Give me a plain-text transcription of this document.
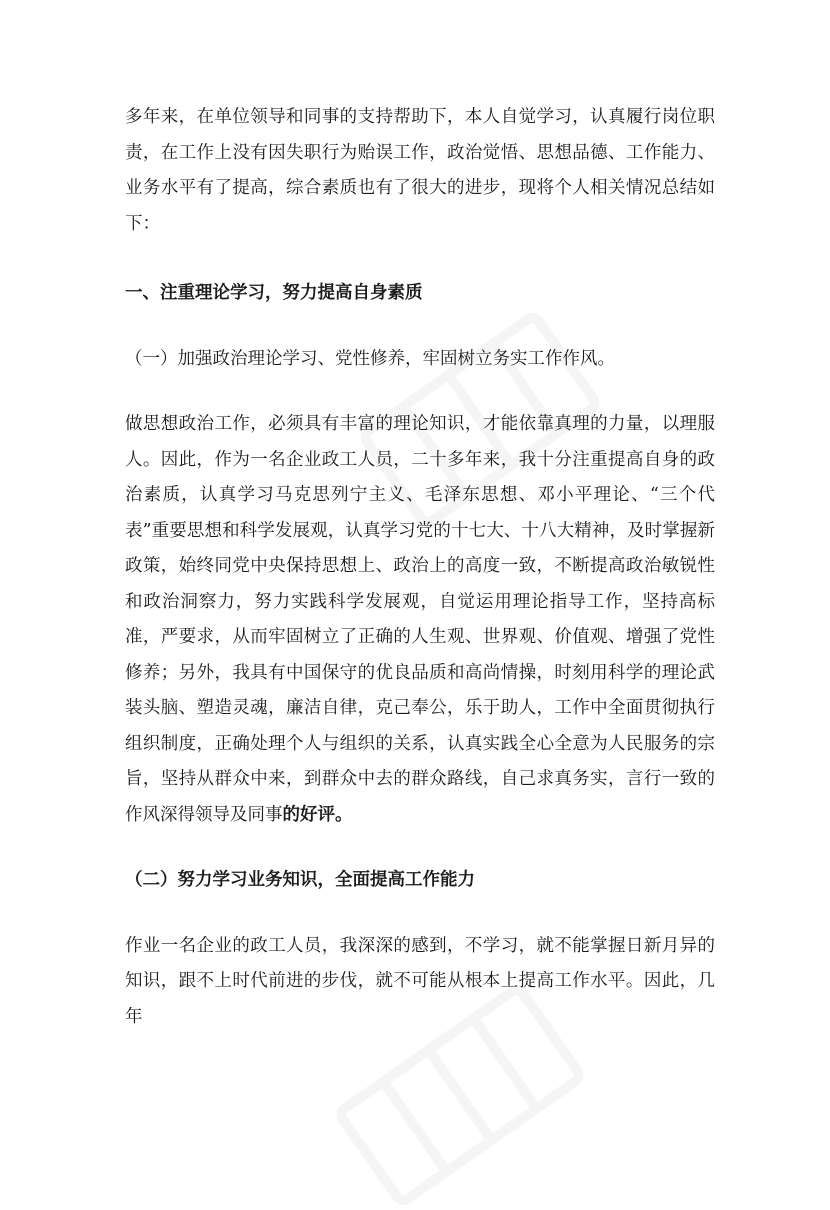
多年来，在单位领导和同事的支持帮助下，本人自觉学习，认真履行岗位职责，在工作上没有因失职行为贻误工作，政治觉悟、思想品德、工作能力、业务水平有了提高，综合素质也有了很大的进步，现将个人相关情况总结如下：

一、注重理论学习，努力提高自身素质

（一）加强政治理论学习、党性修养，牢固树立务实工作作风。

做思想政治工作，必须具有丰富的理论知识，才能依靠真理的力量，以理服人。因此，作为一名企业政工人员，二十多年来，我十分注重提高自身的政治素质，认真学习马克思列宁主义、毛泽东思想、邓小平理论、“三个代表”重要思想和科学发展观，认真学习党的十七大、十八大精神，及时掌握新政策，始终同党中央保持思想上、政治上的高度一致，不断提高政治敏锐性和政治洞察力，努力实践科学发展观，自觉运用理论指导工作，坚持高标准，严要求，从而牢固树立了正确的人生观、世界观、价值观、增强了党性修养；另外，我具有中国保守的优良品质和高尚情操，时刻用科学的理论武装头脑、塑造灵魂，廉洁自律，克己奉公，乐于助人，工作中全面贯彻执行组织制度，正确处理个人与组织的关系，认真实践全心全意为人民服务的宗旨，坚持从群众中来，到群众中去的群众路线，自己求真务实，言行一致的作风深得领导及同事的好评。

（二）努力学习业务知识，全面提高工作能力

作业一名企业的政工人员，我深深的感到，不学习，就不能掌握日新月异的知识，跟不上时代前进的步伐，就不可能从根本上提高工作水平。因此，几年
